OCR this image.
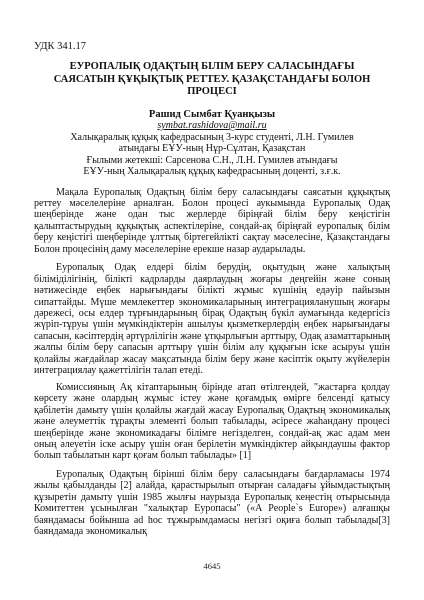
УДК 341.17
ЕУРОПАЛЫҚ ОДАҚТЫҢ БІЛІМ БЕРУ САЛАСЫНДАҒЫ
САЯСАТЫН ҚҰҚЫҚТЫҚ РЕТТЕУ. ҚАЗАҚСТАНДАҒЫ БОЛОН
ПРОЦЕСІ
Рашид Сымбат Қуанқызы
symbat.rashidova@mail.ru
Халықаралық құқық кафедрасының 3-курс студенті, Л.Н. Гумилев
атындағы ЕҰУ-ның Нұр-Сұлтан, Қазақстан
Ғылыми жетекші: Сарсенова С.Н., Л.Н. Гумилев атындағы
ЕҰУ-ның Халықаралық құқық кафедрасының доценті, з.ғ.к.

Мақала Еуропалық Одақтың білім беру саласындағы саясатын құқықтық реттеу мәселелеріне арналған. Болон процесі аукымында Еуропалық Одақ шеңберінде және одан тыс жерлерде біріңғай білім беру кеңістігін қалыптастырудың құқықтық аспектілеріне, сондай-ақ біріңғай еуропалық білім беру кеңістігі шеңберінде ұлттық біртегейлікті сақтау мәселесіне, Қазақстандағы Болон процесінің даму мәселелеріне ерекше назар аударылады.

Еуропалық Одақ елдері білім берудің, оқытудың және халықтың біліміділігінің, білікті кадрларды даярлаудың жоғары деңгейін және соның нәтижесінде еңбек нарығындағы білікті жұмыс күшінің едәуір пайызын сипаттайды. Мүше мемлекеттер экономикаларының интеграцияланушың жоғары дәрежесі, осы елдер тұрғындарының бірақ Одақтың бүкіл аумағында кедергісіз жүріп-тұруы үшін мүмкіндіктерін ашылуы қызметкерлердің еңбек нарығындағы сапасын, кәсіптердің әртүрлілігін және ұтқырлығын арттыру, Одақ азаматтарының жалпы білім беру сапасын арттыру үшін білім алу құқығын іске асыруы үшін қолайлы жағдайлар жасау мақсатында білім беру және кәсіптік оқыту жүйелерін интеграциялау қажеттілігін талап етеді.

Комиссияның Ақ кітаптарының бірінде атап өтілгендей, "жастарға қолдау көрсету және олардың жұмыс істеу және қоғамдық өмірге белсенді қатысу қабілетін дамыту үшін қолайлы жағдай жасау Еуропалық Одақтың экономикалық және әлеуметтік тұрақты элементі болып табылады, әсіресе жаһандану процесі шеңберінде және экономикадағы білімге негізделген, сондай-ақ жас адам мен оның әлеуетін іске асыру үшін оған берілетін мүмкіндіктер айқындаушы фактор болып табылатын карт қоғам болып табылады» [1]

Еуропалық Одақтың бірінші білім беру саласындағы бағдарламасы 1974 жылы қабылданды [2] алайда, қарастырылып отырған саладағы ұйымдастықтың құзыретін дамыту үшін 1985 жылғы наурызда Еуропалық кеңестің отырысында Комитеттен ұсынылған "халықтар Еуропасы" («A People`s Europe») алғашқы баяндамасы бойынша ad hoc тұжырымдамасы негізгі оқиға болып табылады[3] баяндамада экономикалық

4645
